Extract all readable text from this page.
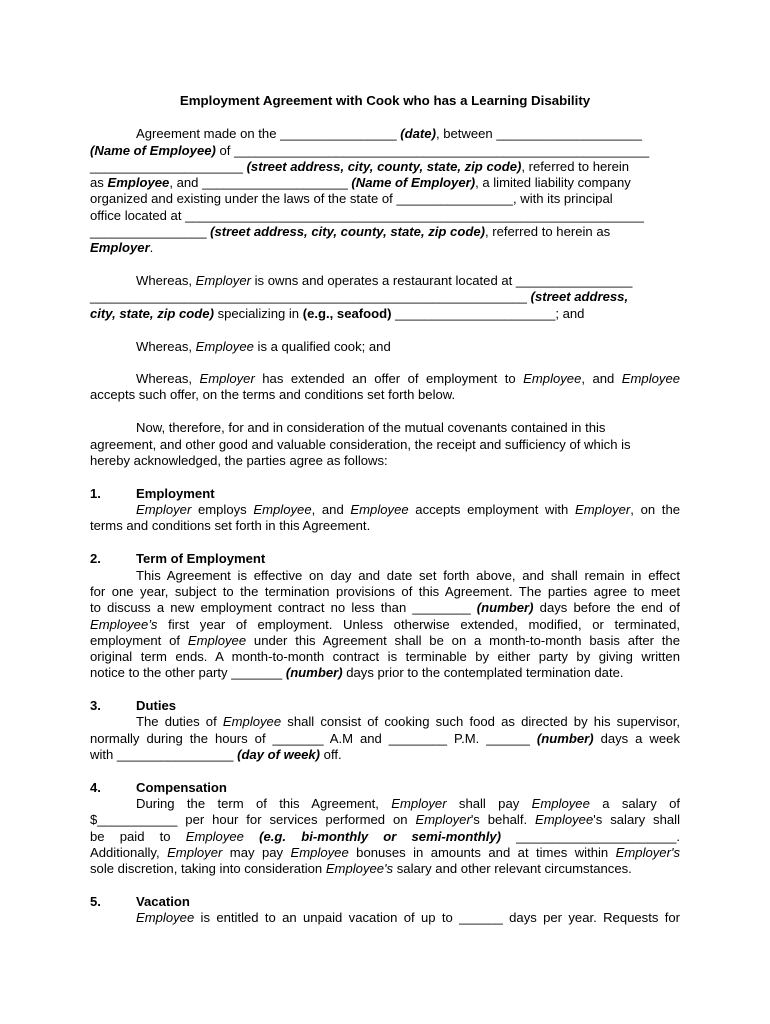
Employment Agreement with Cook who has a Learning Disability
Agreement made on the ________________ (date), between ____________________
(Name of Employee) of _________________________________________________________
_____________________ (street address, city, county, state, zip code), referred to herein
as Employee, and ____________________ (Name of Employer), a limited liability company
organized and existing under the laws of the state of ________________, with its principal
office located at _______________________________________________________________
________________ (street address, city, county, state, zip code), referred to herein as
Employer.
Whereas, Employer is owns and operates a restaurant located at ________________
____________________________________________________________ (street address,
city, state, zip code) specializing in (e.g., seafood) ______________________; and
Whereas, Employee is a qualified cook; and
Whereas, Employer has extended an offer of employment to Employee, and Employee
accepts such offer, on the terms and conditions set forth below.
Now, therefore, for and in consideration of the mutual covenants contained in this
agreement, and other good and valuable consideration, the receipt and sufficiency of which is
hereby acknowledged, the parties agree as follows:
Employer employs Employee, and Employee accepts employment with Employer, on the
terms and conditions set forth in this Agreement.
This Agreement is effective on day and date set forth above, and shall remain in effect
for one year, subject to the termination provisions of this Agreement. The parties agree to meet
to discuss a new employment contract no less than ________ (number) days before the end of
Employee’s first year of employment. Unless otherwise extended, modified, or terminated,
employment of Employee under this Agreement shall be on a month-to-month basis after the
original term ends. A month-to-month contract is terminable by either party by giving written
notice to the other party _______ (number) days prior to the contemplated termination date.
The duties of Employee shall consist of cooking such food as directed by his supervisor,
normally during the hours of _______ A.M and ________ P.M. ______ (number) days a week
with ________________ (day of week) off.
During the term of this Agreement, Employer shall pay Employee a salary of
$___________ per hour for services performed on Employer's behalf. Employee's salary shall
be paid to Employee (e.g. bi-monthly or semi-monthly) ______________________.
Additionally, Employer may pay Employee bonuses in amounts and at times within Employer's
sole discretion, taking into consideration Employee's salary and other relevant circumstances.
Employee is entitled to an unpaid vacation of up to ______ days per year. Requests for
1.	Employment
2.	Term of Employment
3.	Duties
4.	Compensation
5.	Vacation
